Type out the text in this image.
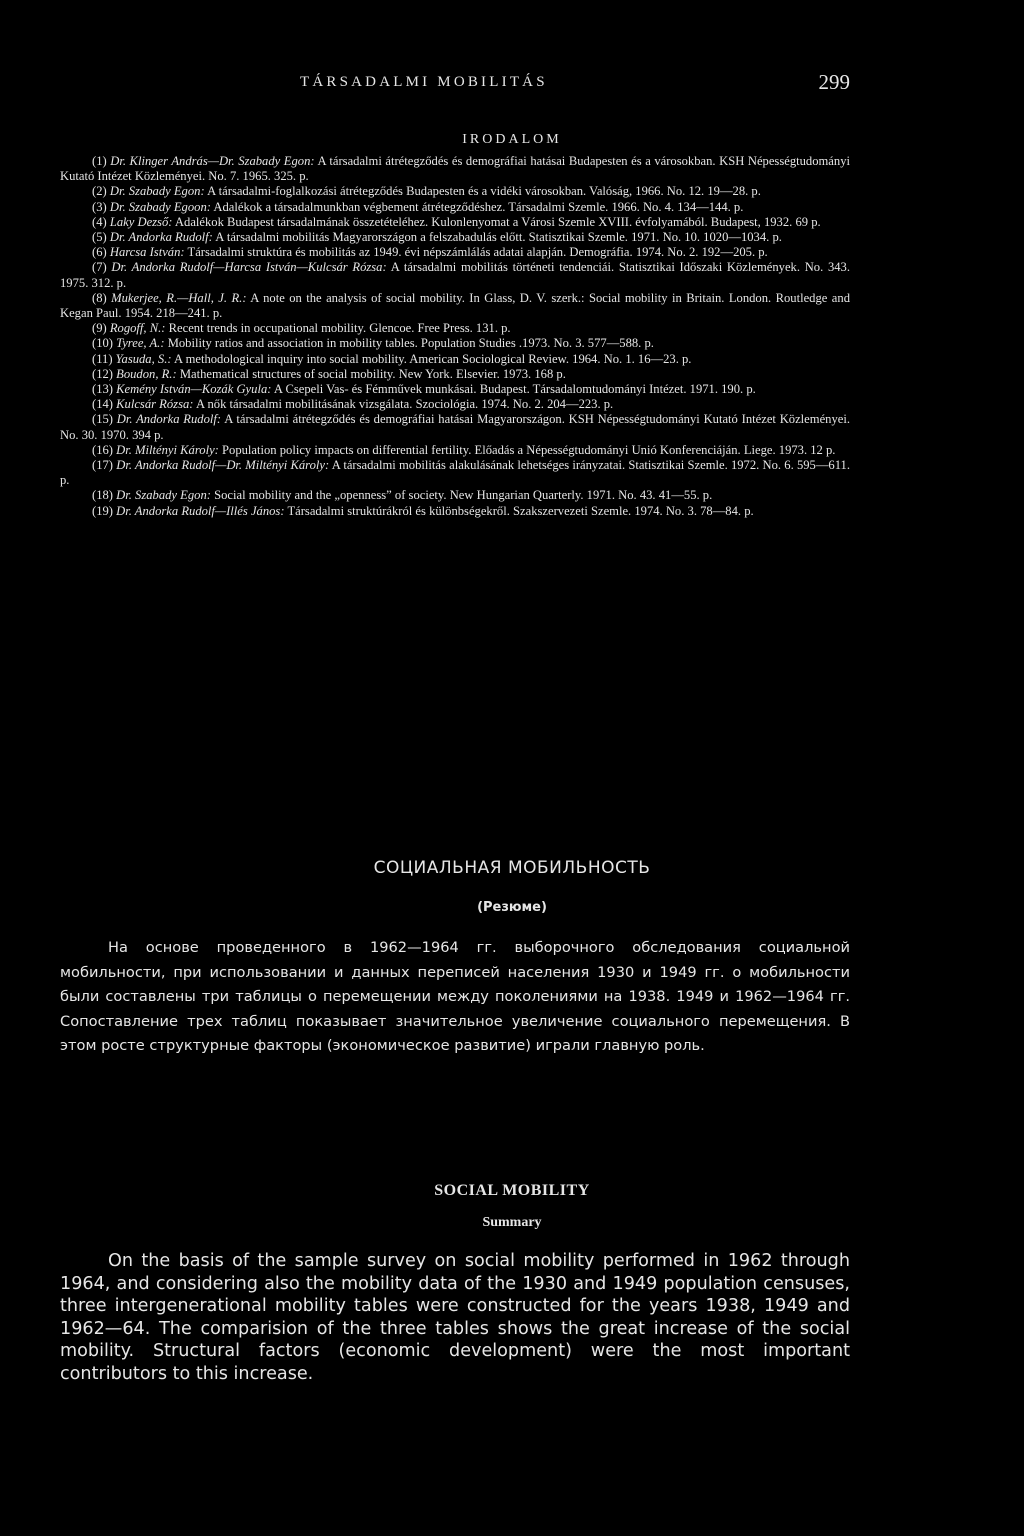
TÁRSADALMI MOBILITÁS	299
IRODALOM

(1) Dr. Klinger András—Dr. Szabady Egon: A társadalmi átrétegződés és demográfiai hatásai Budapesten és a városokban. KSH Népességtudományi Kutató Intézet Közleményei. No. 7. 1965. 325. p.

(2) Dr. Szabady Egon: A társadalmi-foglalkozási átrétegződés Budapesten és a vidéki városokban. Valóság, 1966. No. 12. 19—28. p.

(3) Dr. Szabady Egoon: Adalékok a társadalmunkban végbement átrétegződéshez. Társadalmi Szemle. 1966. No. 4. 134—144. p.

(4) Laky Dezső: Adalékok Budapest társadalmának összetételéhez. Kulonlenyomat a Városi Szemle XVIII. évfolyamából. Budapest, 1932. 69 p.

(5) Dr. Andorka Rudolf: A társadalmi mobilitás Magyarországon a felszabadulás előtt. Statisztikai Szemle. 1971. No. 10. 1020—1034. p.

(6) Harcsa István: Társadalmi struktúra és mobilitás az 1949. évi népszámlálás adatai alapján. Demográfia. 1974. No. 2. 192—205. p.

(7) Dr. Andorka Rudolf—Harcsa István—Kulcsár Rózsa: A társadalmi mobilitás történeti tendenciái. Statisztikai Időszaki Közlemények. No. 343. 1975. 312. p.

(8) Mukerjee, R.—Hall, J. R.: A note on the analysis of social mobility. In Glass, D. V. szerk.: Social mobility in Britain. London. Routledge and Kegan Paul. 1954. 218—241. p.

(9) Rogoff, N.: Recent trends in occupational mobility. Glencoe. Free Press. 131. p.

(10) Tyree, A.: Mobility ratios and association in mobility tables. Population Studies .1973. No. 3. 577—588. p.

(11) Yasuda, S.: A methodological inquiry into social mobility. American Sociological Review. 1964. No. 1. 16—23. p.

(12) Boudon, R.: Mathematical structures of social mobility. New York. Elsevier. 1973. 168 p.

(13) Kemény István—Kozák Gyula: A Csepeli Vas- és Fémművek munkásai. Budapest. Társadalomtudományi Intézet. 1971. 190. p.

(14) Kulcsár Rózsa: A nők társadalmi mobilitásának vizsgálata. Szociológia. 1974. No. 2. 204—223. p.

(15) Dr. Andorka Rudolf: A társadalmi átrétegződés és demográfiai hatásai Magyarországon. KSH Népességtudományi Kutató Intézet Közleményei. No. 30. 1970. 394 p.

(16) Dr. Miltényi Károly: Population policy impacts on differential fertility. Előadás a Népességtudományi Unió Konferenciáján. Liege. 1973. 12 p.

(17) Dr. Andorka Rudolf—Dr. Miltényi Károly: A társadalmi mobilitás alakulásának lehetséges irányzatai. Statisztikai Szemle. 1972. No. 6. 595—611. p.

(18) Dr. Szabady Egon: Social mobility and the „openness” of society. New Hungarian Quarterly. 1971. No. 43. 41—55. p.

(19) Dr. Andorka Rudolf—Illés János: Társadalmi struktúrákról és különbségekről. Szakszervezeti Szemle. 1974. No. 3. 78—84. p.

СОЦИАЛЬНАЯ МОБИЛЬНОСТЬ
(Резюме)

На основе проведенного в 1962—1964 гг. выборочного обследования социальной мобильности, при использовании и данных переписей населения 1930 и 1949 гг. о мобильности были составлены три таблицы о перемещении между поколениями на 1938. 1949 и 1962—1964 гг. Сопоставление трех таблиц показывает значительное увеличение социального перемещения. В этом росте структурные факторы (экономическое развитие) играли главную роль.

SOCIAL MOBILITY
Summary

On the basis of the sample survey on social mobility performed in 1962 through 1964, and considering also the mobility data of the 1930 and 1949 population censuses, three intergenerational mobility tables were constructed for the years 1938, 1949 and 1962—64. The comparision of the three tables shows the great increase of the social mobility. Structural factors (economic development) were the most important contributors to this increase.
